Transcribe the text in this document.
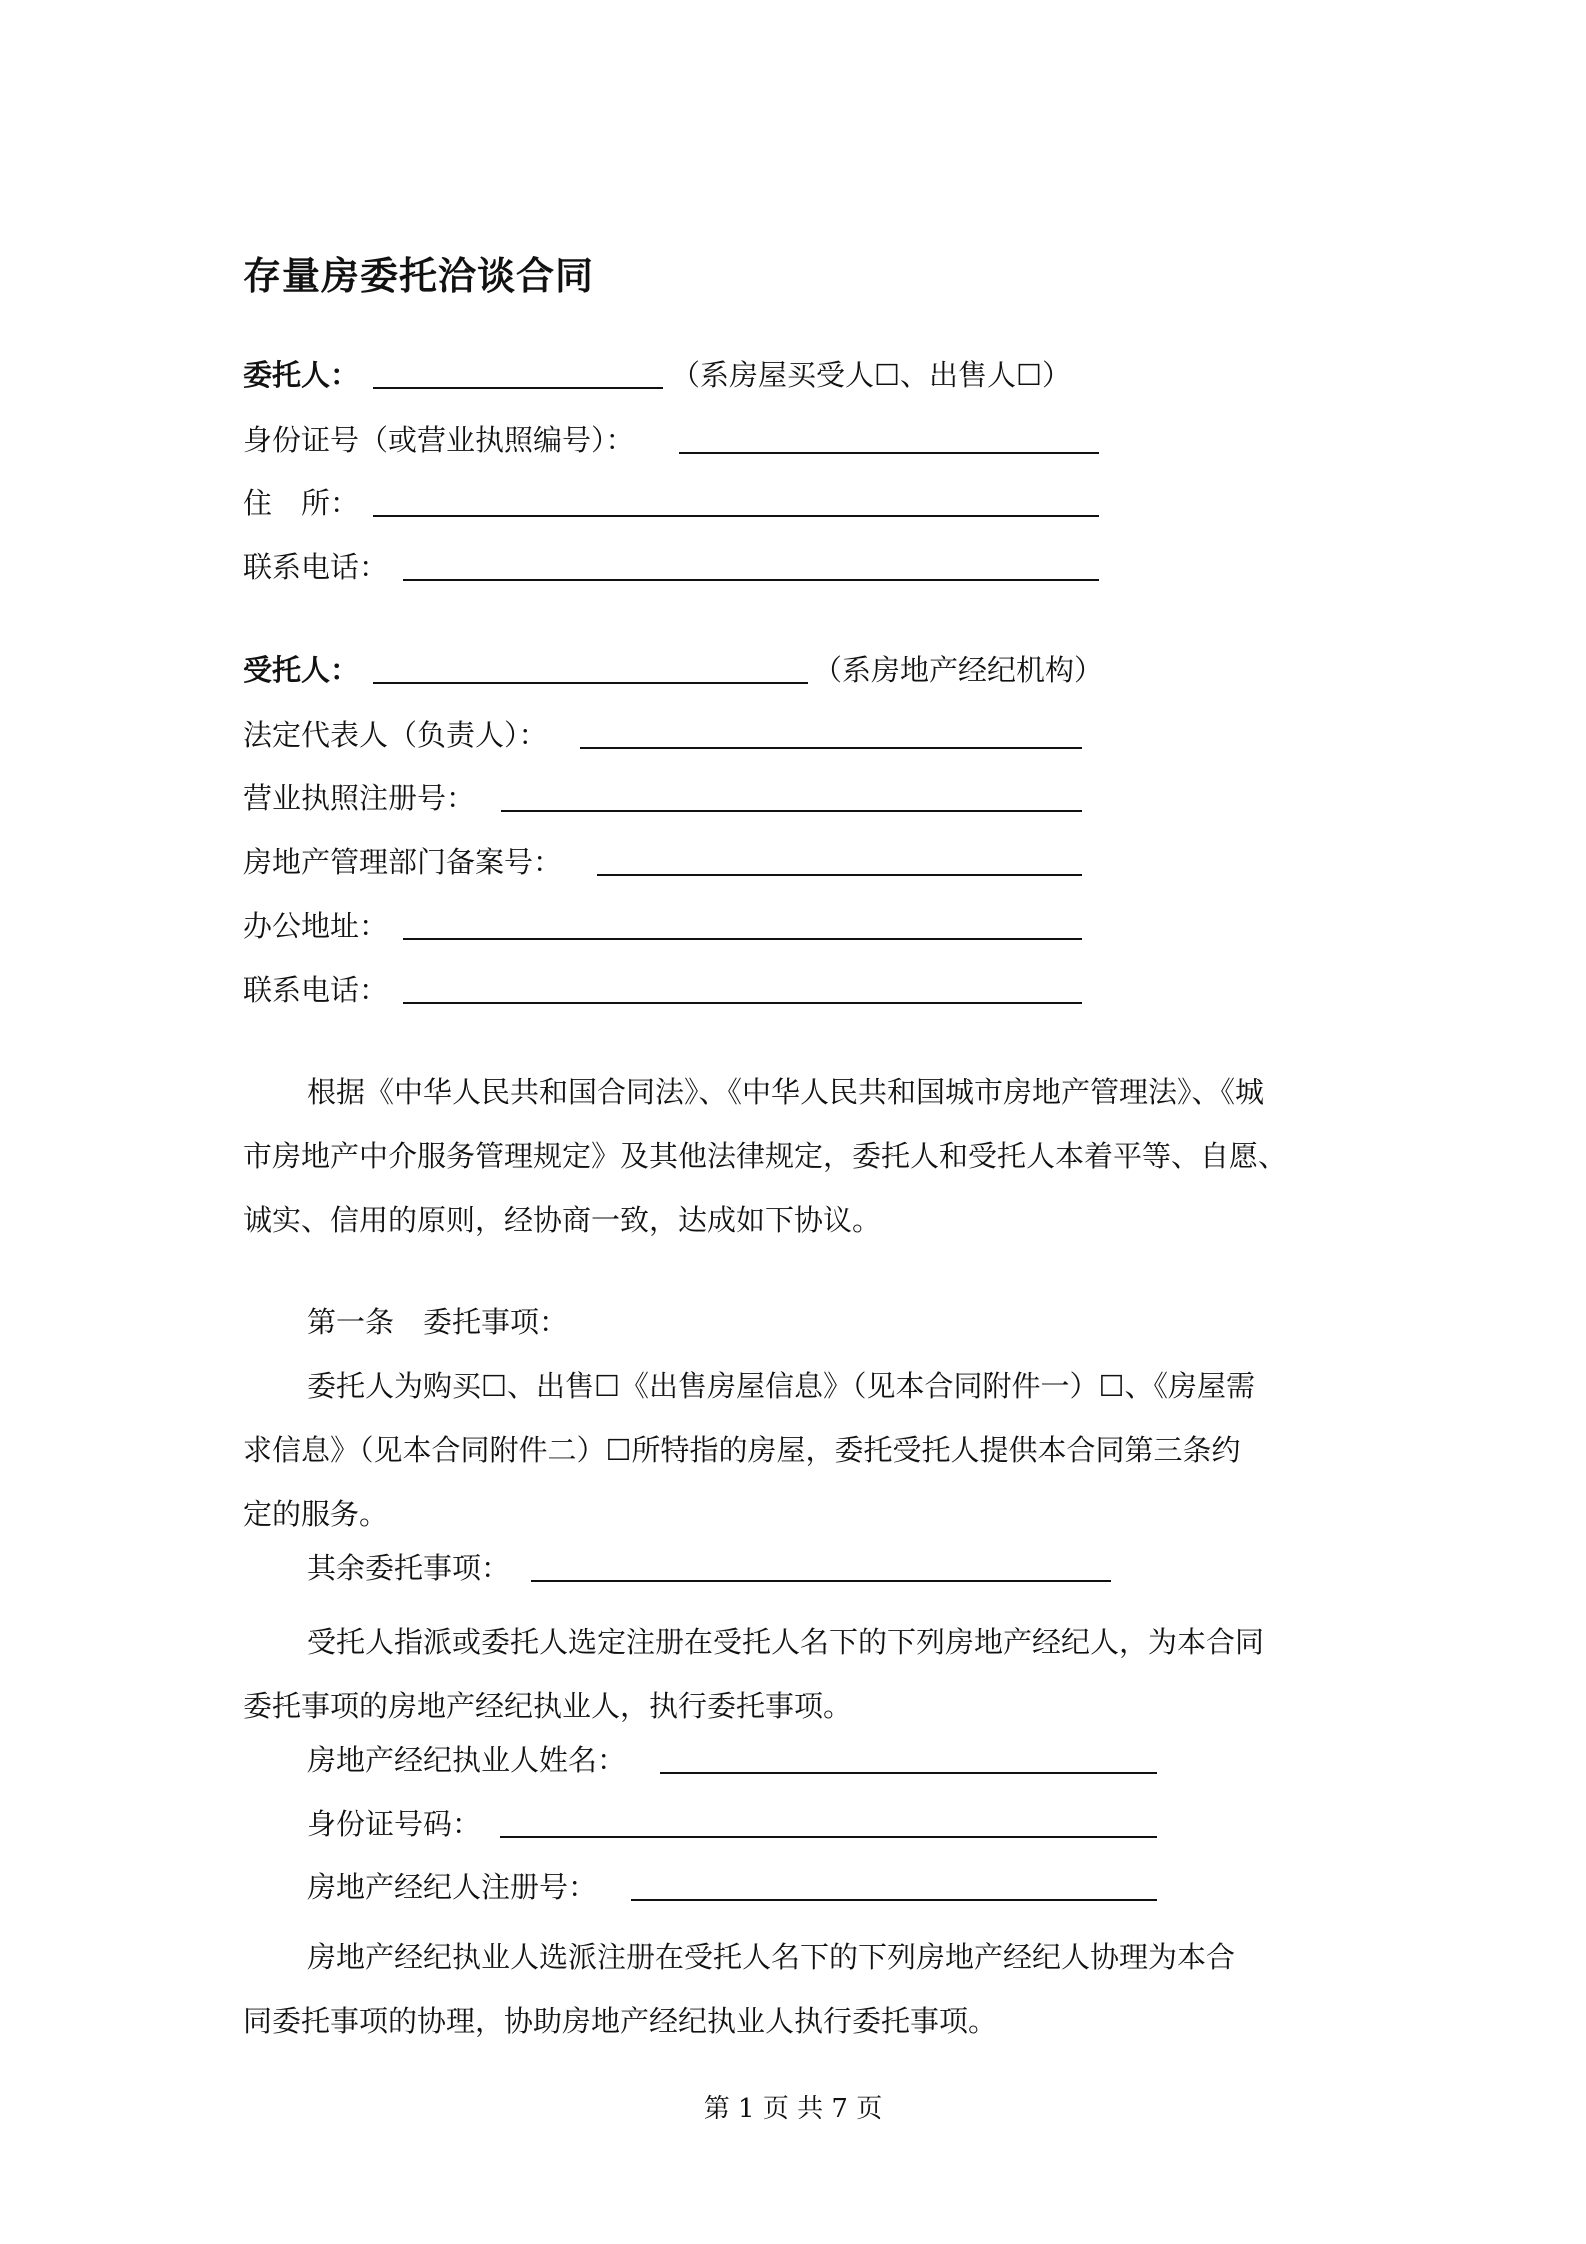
存量房委托洽谈合同
委托人：	（系房屋买受人☐、出售人☐）
身份证号（或营业执照编号）：
住　所：
联系电话：
受托人：	（系房地产经纪机构）
法定代表人（负责人）：
营业执照注册号：
房地产管理部门备案号：
办公地址：
联系电话：
根据《中华人民共和国合同法》、《中华人民共和国城市房地产管理法》、《城
市房地产中介服务管理规定》及其他法律规定，委托人和受托人本着平等、自愿、
诚实、信用的原则，经协商一致，达成如下协议。
第一条　委托事项：
委托人为购买☐、出售☐《出售房屋信息》（见本合同附件一）☐、《房屋需
求信息》（见本合同附件二）☐所特指的房屋，委托受托人提供本合同第三条约
定的服务。
其余委托事项：
受托人指派或委托人选定注册在受托人名下的下列房地产经纪人，为本合同
委托事项的房地产经纪执业人，执行委托事项。
房地产经纪执业人姓名：
身份证号码：
房地产经纪人注册号：
房地产经纪执业人选派注册在受托人名下的下列房地产经纪人协理为本合
同委托事项的协理，协助房地产经纪执业人执行委托事项。
第 1 页 共 7 页
